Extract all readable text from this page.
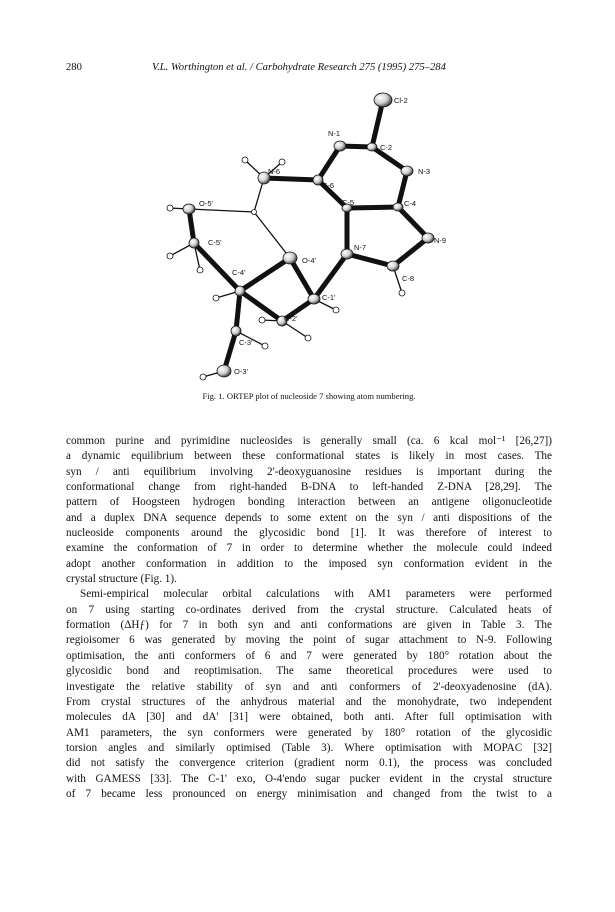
280	V.L. Worthington et al. / Carbohydrate Research 275 (1995) 275–284
Cl-2
C-2
N-1
N-3
C-6
N-6
C-5	C-4
N-9
N-7
C-8
O-5'
C-5'
C-4'
O-4'
C-1'
C-2'
C-3'
O-3'
Fig. 1. ORTEP plot of nucleoside 7 showing atom numbering.

common purine and pyrimidine nucleosides is generally small (ca. 6 kcal mol⁻¹ [26,27])
a dynamic equilibrium between these conformational states is likely in most cases. The
syn / anti equilibrium involving 2'-deoxyguanosine residues is important during the
conformational change from right-handed B-DNA to left-handed Z-DNA [28,29]. The
pattern of Hoogsteen hydrogen bonding interaction between an antigene oligonucleotide
and a duplex DNA sequence depends to some extent on the syn / anti dispositions of the
nucleoside components around the glycosidic bond [1]. It was therefore of interest to
examine the conformation of 7 in order to determine whether the molecule could indeed
adopt another conformation in addition to the imposed syn conformation evident in the
crystal structure (Fig. 1).

Semi-empirical molecular orbital calculations with AM1 parameters were performed
on 7 using starting co-ordinates derived from the crystal structure. Calculated heats of
formation (ΔHƒ) for 7 in both syn and anti conformations are given in Table 3. The
regioisomer 6 was generated by moving the point of sugar attachment to N-9. Following
optimisation, the anti conformers of 6 and 7 were generated by 180° rotation about the
glycosidic bond and reoptimisation. The same theoretical procedures were used to
investigate the relative stability of syn and anti conformers of 2'-deoxyadenosine (dA).
From crystal structures of the anhydrous material and the monohydrate, two independent
molecules dA [30] and dA' [31] were obtained, both anti. After full optimisation with
AM1 parameters, the syn conformers were generated by 180° rotation of the glycosidic
torsion angles and similarly optimised (Table 3). Where optimisation with MOPAC [32]
did not satisfy the convergence criterion (gradient norm 0.1), the process was concluded
with GAMESS [33]. The C-1' exo, O-4'endo sugar pucker evident in the crystal structure
of 7 became less pronounced on energy minimisation and changed from the twist to a
